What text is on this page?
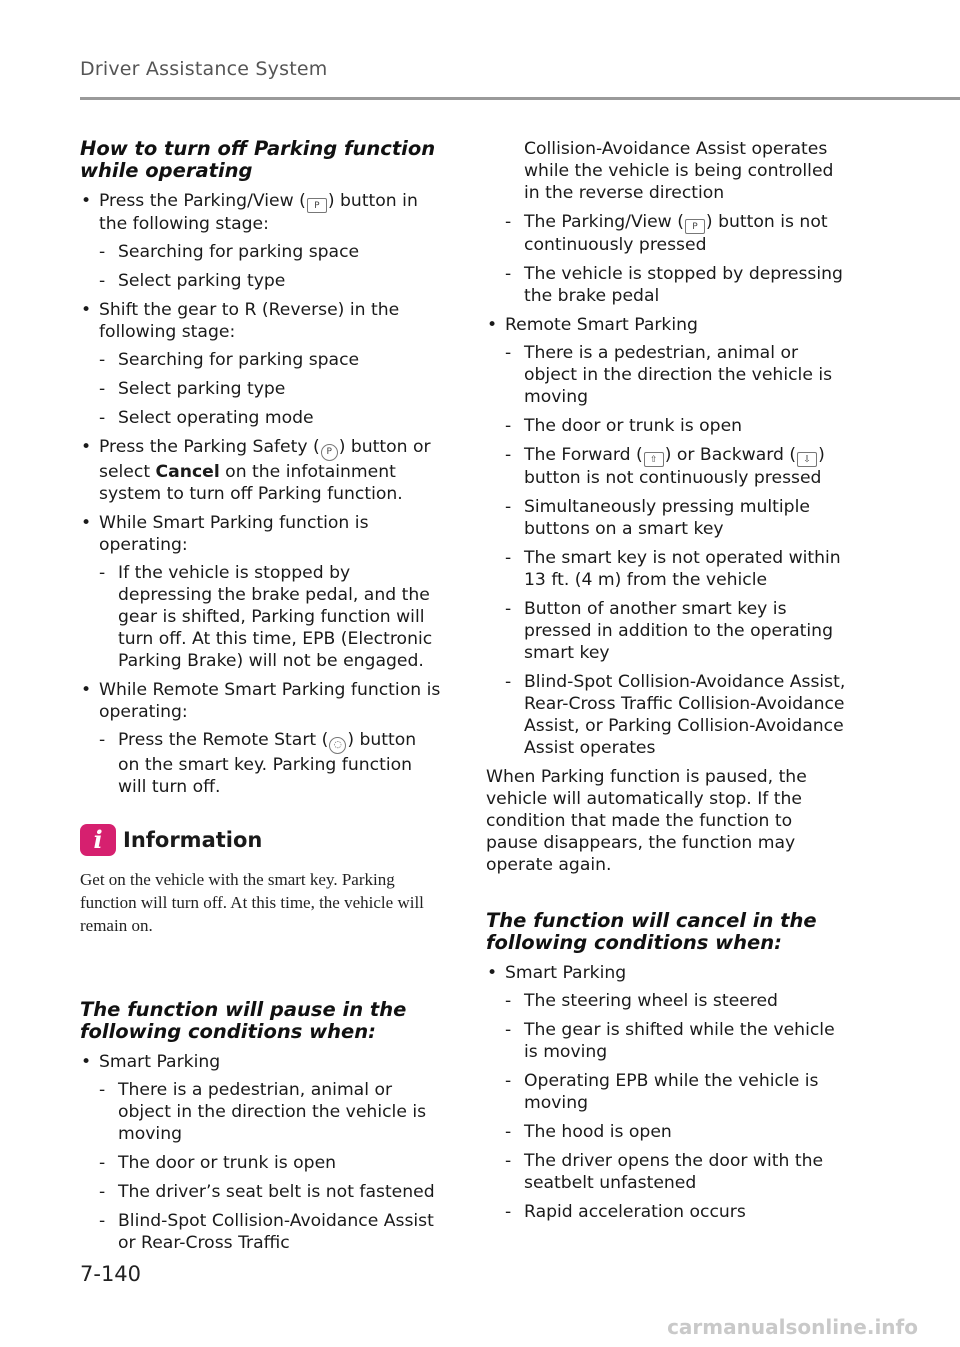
Driver Assistance System
How to turn off Parking function while operating
• Press the Parking/View ( P ) button in the following stage:
- Searching for parking space
- Select parking type
• Shift the gear to R (Reverse) in the following stage:
- Searching for parking space
- Select parking type
- Select operating mode
• Press the Parking Safety ( P ) button or select Cancel on the infotainment system to turn off Parking function.
• While Smart Parking function is operating:
- If the vehicle is stopped by depressing the brake pedal, and the gear is shifted, Parking function will turn off. At this time, EPB (Electronic Parking Brake) will not be engaged.
• While Remote Smart Parking function is operating:
- Press the Remote Start ( ◌ ) button on the smart key. Parking function will turn off.
i Information
Get on the vehicle with the smart key. Parking function will turn off. At this time, the vehicle will remain on.
The function will pause in the following conditions when:
• Smart Parking
- There is a pedestrian, animal or object in the direction the vehicle is moving
- The door or trunk is open
- The driver’s seat belt is not fastened
- Blind-Spot Collision-Avoidance Assist or Rear-Cross Traffic
Collision-Avoidance Assist operates while the vehicle is being controlled in the reverse direction
- The Parking/View ( P ) button is not continuously pressed
- The vehicle is stopped by depressing the brake pedal
• Remote Smart Parking
- There is a pedestrian, animal or object in the direction the vehicle is moving
- The door or trunk is open
- The Forward ( ⇧ ) or Backward ( ⇩ ) button is not continuously pressed
- Simultaneously pressing multiple buttons on a smart key
- The smart key is not operated within 13 ft. (4 m) from the vehicle
- Button of another smart key is pressed in addition to the operating smart key
- Blind-Spot Collision-Avoidance Assist, Rear-Cross Traffic Collision-Avoidance Assist, or Parking Collision-Avoidance Assist operates

When Parking function is paused, the vehicle will automatically stop. If the condition that made the function to pause disappears, the function may operate again.

The function will cancel in the following conditions when:
• Smart Parking
- The steering wheel is steered
- The gear is shifted while the vehicle is moving
- Operating EPB while the vehicle is moving
- The hood is open
- The driver opens the door with the seatbelt unfastened
- Rapid acceleration occurs
7-140
carmanualsonline.info
